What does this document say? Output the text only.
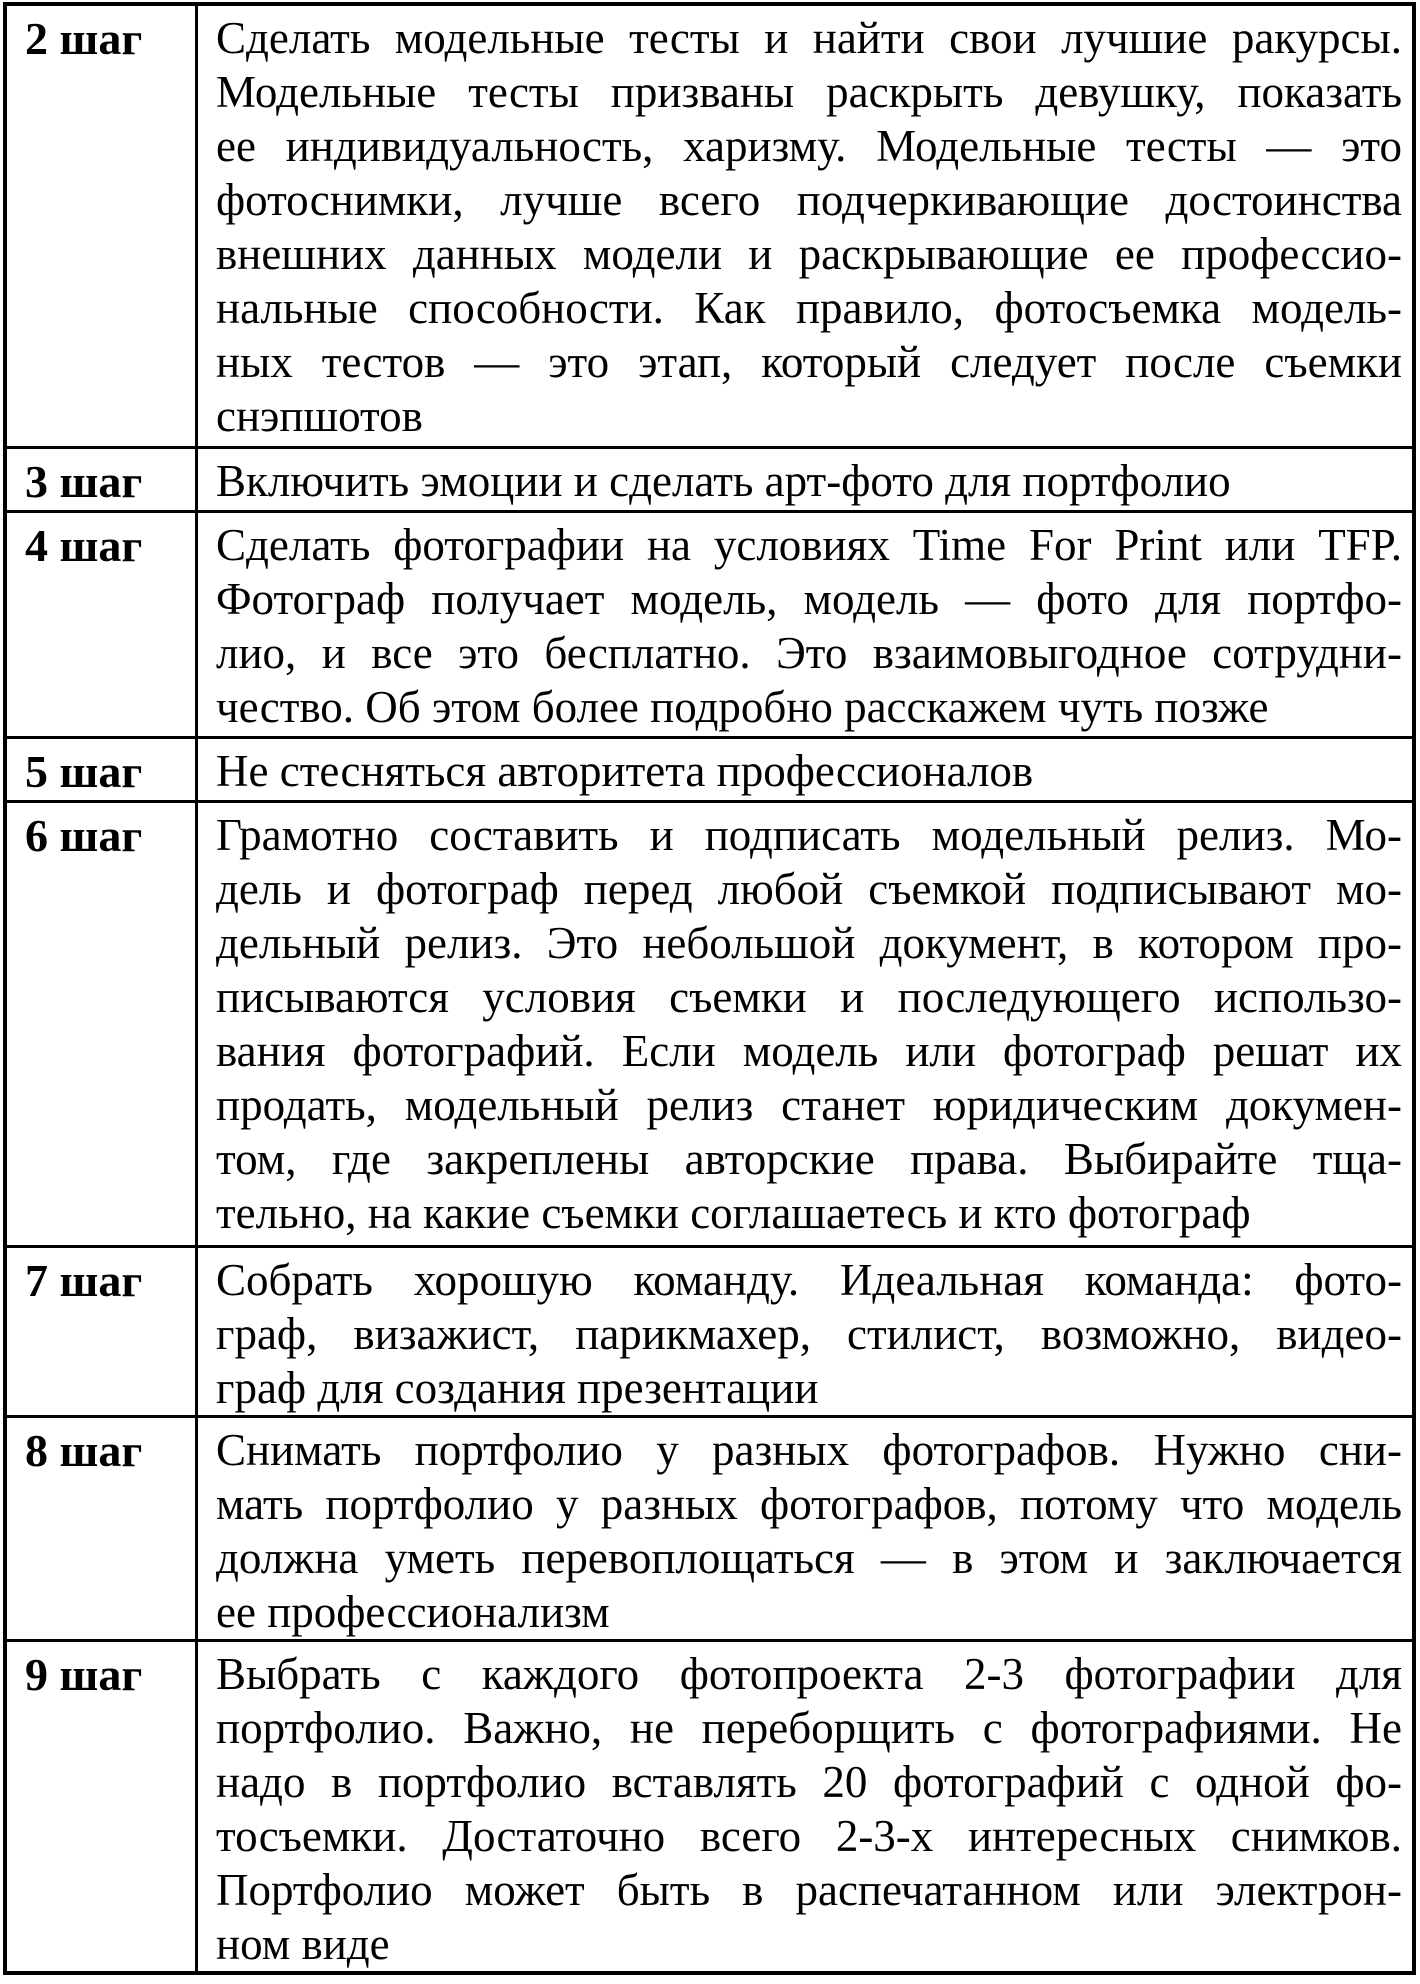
2 шаг	Сделать модельные тесты и найти свои лучшие ракурсы.
Модельные тесты призваны раскрыть девушку, показать
ее индивидуальность, харизму. Модельные тесты — это
фотоснимки, лучше всего подчеркивающие достоинства
внешних данных модели и раскрывающие ее профессио-
нальные способности. Как правило, фотосъемка модель-
ных тестов — это этап, который следует после съемки
снэпшотов

3 шаг	Включить эмоции и сделать арт-фото для портфолио

4 шаг	Сделать фотографии на условиях Time For Print или TFP.
Фотограф получает модель, модель — фото для портфо-
лио, и все это бесплатно. Это взаимовыгодное сотрудни-
чество. Об этом более подробно расскажем чуть позже

5 шаг	Не стесняться авторитета профессионалов

6 шаг	Грамотно составить и подписать модельный релиз. Мо-
дель и фотограф перед любой съемкой подписывают мо-
дельный релиз. Это небольшой документ, в котором про-
писываются условия съемки и последующего использо-
вания фотографий. Если модель или фотограф решат их
продать, модельный релиз станет юридическим докумен-
том, где закреплены авторские права. Выбирайте тща-
тельно, на какие съемки соглашаетесь и кто фотограф

7 шаг	Собрать хорошую команду. Идеальная команда: фото-
граф, визажист, парикмахер, стилист, возможно, видео-
граф для создания презентации

8 шаг	Снимать портфолио у разных фотографов. Нужно сни-
мать портфолио у разных фотографов, потому что модель
должна уметь перевоплощаться — в этом и заключается
ее профессионализм

9 шаг	Выбрать с каждого фотопроекта 2-3 фотографии для
портфолио. Важно, не переборщить с фотографиями. Не
надо в портфолио вставлять 20 фотографий с одной фо-
тосъемки. Достаточно всего 2-3-х интересных снимков.
Портфолио может быть в распечатанном или электрон-
ном виде
